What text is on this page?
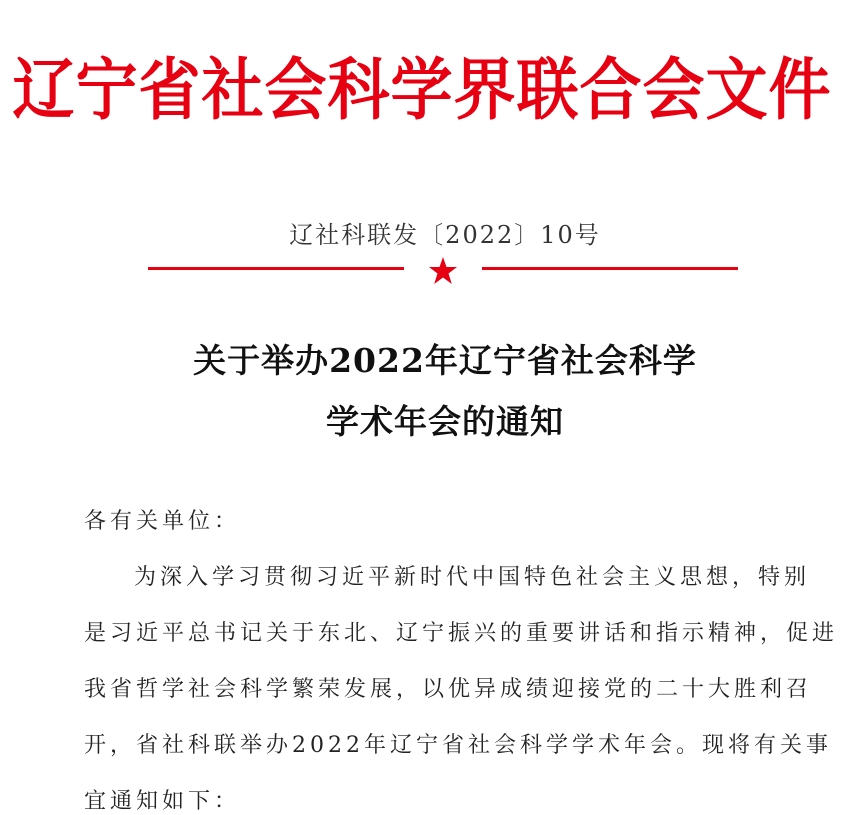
辽宁省社会科学界联合会文件
辽社科联发〔2022〕10号
关于举办2022年辽宁省社会科学
学术年会的通知
各有关单位：
为深入学习贯彻习近平新时代中国特色社会主义思想，特别
是习近平总书记关于东北、辽宁振兴的重要讲话和指示精神，促进
我省哲学社会科学繁荣发展，以优异成绩迎接党的二十大胜利召
开，省社科联举办2022年辽宁省社会科学学术年会。现将有关事
宜通知如下：
